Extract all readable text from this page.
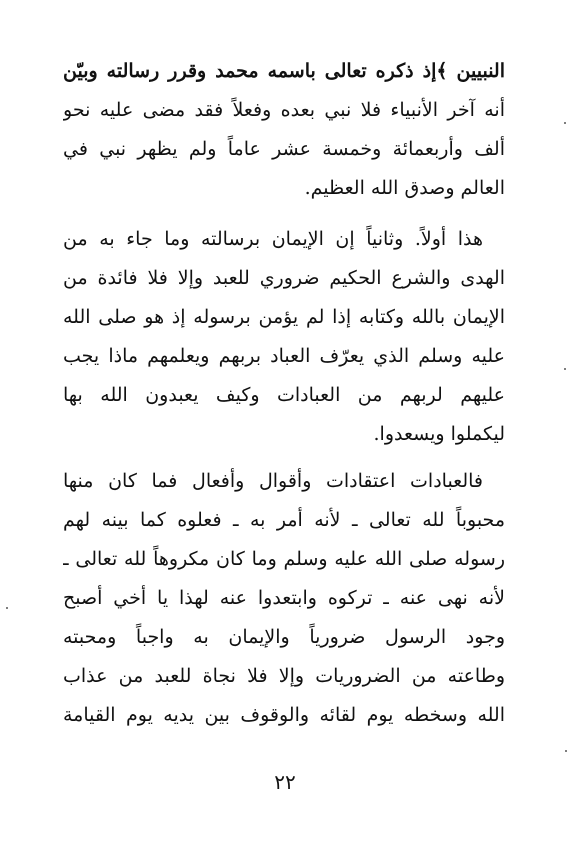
النبيين ﴾إذ ذكره تعالى باسمه محمد وقرر رسالته وبيّن
أنه آخر الأنبياء فلا نبي بعده وفعلاً فقد مضى عليه نحو
ألف وأربعمائة وخمسة عشر عاماً ولم يظهر نبي في
العالم وصدق الله العظيم.
هذا أولاً. وثانياً إن الإيمان برسالته وما جاء به من
الهدى والشرع الحكيم ضروري للعبد وإلا فلا فائدة من
الإيمان بالله وكتابه إذا لم يؤمن برسوله إذ هو صلى الله
عليه وسلم الذي يعرّف العباد بربهم ويعلمهم ماذا يجب
عليهم لربهم من العبادات وكيف يعبدون الله بها
ليكملوا ويسعدوا.
فالعبادات اعتقادات وأقوال وأفعال فما كان منها
محبوباً لله تعالى ـ لأنه أمر به ـ فعلوه كما بينه لهم
رسوله صلى الله عليه وسلم وما كان مكروهاً لله تعالى ـ
لأنه نهى عنه ـ تركوه وابتعدوا عنه لهذا يا أخي أصبح
وجود الرسول ضرورياً والإيمان به واجباً ومحبته
وطاعته من الضروريات وإلا فلا نجاة للعبد من عذاب
الله وسخطه يوم لقائه والوقوف بين يديه يوم القيامة
٢٢
